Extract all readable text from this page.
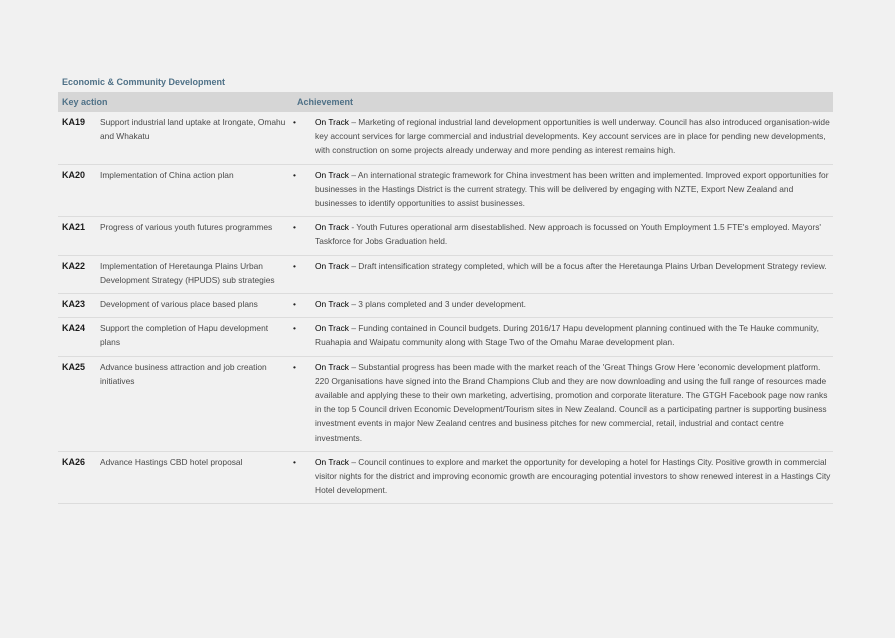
Economic & Community Development
Key action		Achievement	
KA19	Support industrial land uptake at Irongate, Omahu and Whakatu	•	On Track – Marketing of regional industrial land development opportunities is well underway. Council has also introduced organisation-wide key account services for large commercial and industrial developments. Key account services are in place for pending new developments, with construction on some projects already underway and more pending as interest remains high.
KA20	Implementation of China action plan	•	On Track – An international strategic framework for China investment has been written and implemented. Improved export opportunities for businesses in the Hastings District is the current strategy. This will be delivered by engaging with NZTE, Export New Zealand and businesses to identify opportunities to assist businesses.
KA21	Progress of various youth futures programmes	•	On Track - Youth Futures operational arm disestablished. New approach is focussed on Youth Employment 1.5 FTE's employed. Mayors' Taskforce for Jobs Graduation held.
KA22	Implementation of Heretaunga Plains Urban Development Strategy (HPUDS) sub strategies	•	On Track – Draft intensification strategy completed, which will be a focus after the Heretaunga Plains Urban Development Strategy review.
KA23	Development of various place based plans	•	On Track – 3 plans completed and 3 under development.
KA24	Support the completion of Hapu development plans	•	On Track – Funding contained in Council budgets. During 2016/17 Hapu development planning continued with the Te Hauke community, Ruahapia and Waipatu community along with Stage Two of the Omahu Marae development plan.
KA25	Advance business attraction and job creation initiatives	•	On Track – Substantial progress has been made with the market reach of the 'Great Things Grow Here 'economic development platform. 220 Organisations have signed into the Brand Champions Club and they are now downloading and using the full range of resources made available and applying these to their own marketing, advertising, promotion and corporate literature. The GTGH Facebook page now ranks in the top 5 Council driven Economic Development/Tourism sites in New Zealand. Council as a participating partner is supporting business investment events in major New Zealand centres and business pitches for new commercial, retail, industrial and contact centre investments.
KA26	Advance Hastings CBD hotel proposal	•	On Track – Council continues to explore and market the opportunity for developing a hotel for Hastings City. Positive growth in commercial visitor nights for the district and improving economic growth are encouraging potential investors to show renewed interest in a Hastings City Hotel development.
